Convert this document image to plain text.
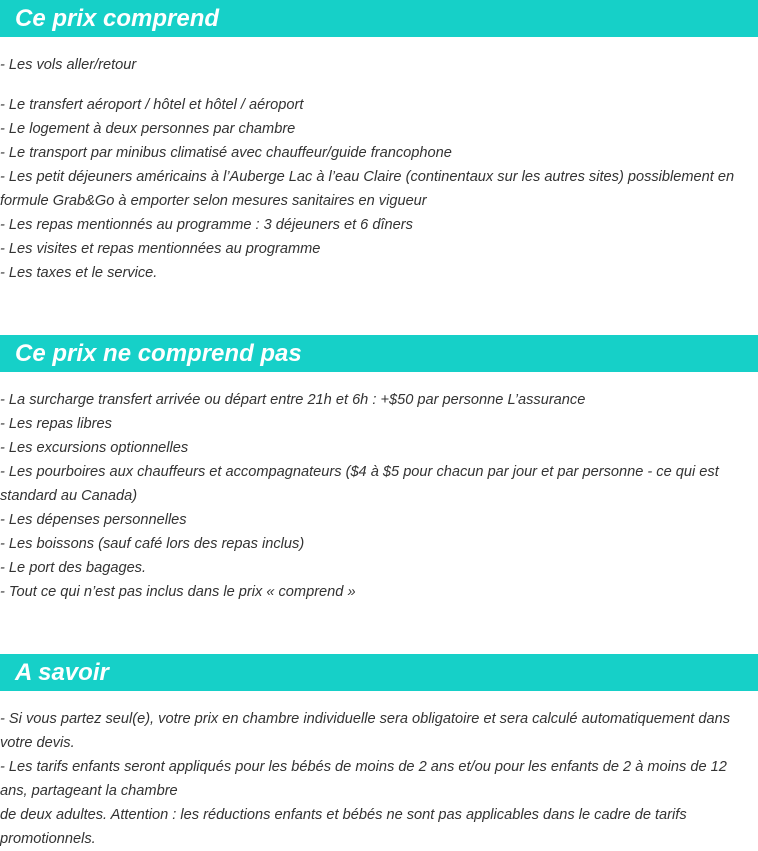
Ce prix comprend
- Les vols aller/retour
- Le transfert aéroport / hôtel et hôtel / aéroport
- Le logement à deux personnes par chambre
- Le transport par minibus climatisé avec chauffeur/guide francophone
- Les petit déjeuners américains à l’Auberge Lac à l’eau Claire (continentaux sur les autres sites) possiblement en formule Grab&Go à emporter selon mesures sanitaires en vigueur
- Les repas mentionnés au programme : 3 déjeuners et 6 dîners
- Les visites et repas mentionnées au programme
- Les taxes et le service.
Ce prix ne comprend pas
- La surcharge transfert arrivée ou départ entre 21h et 6h : +$50 par personne L’assurance
- Les repas libres
- Les excursions optionnelles
- Les pourboires aux chauffeurs et accompagnateurs ($4 à $5 pour chacun par jour et par personne - ce qui est standard au Canada)
- Les dépenses personnelles
- Les boissons (sauf café lors des repas inclus)
- Le port des bagages.
- Tout ce qui n’est pas inclus dans le prix « comprend »
A savoir
- Si vous partez seul(e), votre prix en chambre individuelle sera obligatoire et sera calculé automatiquement dans votre devis.
- Les tarifs enfants seront appliqués pour les bébés de moins de 2 ans et/ou pour les enfants de 2 à moins de 12 ans, partageant la chambre
de deux adultes. Attention : les réductions enfants et bébés ne sont pas applicables dans le cadre de tarifs promotionnels.
